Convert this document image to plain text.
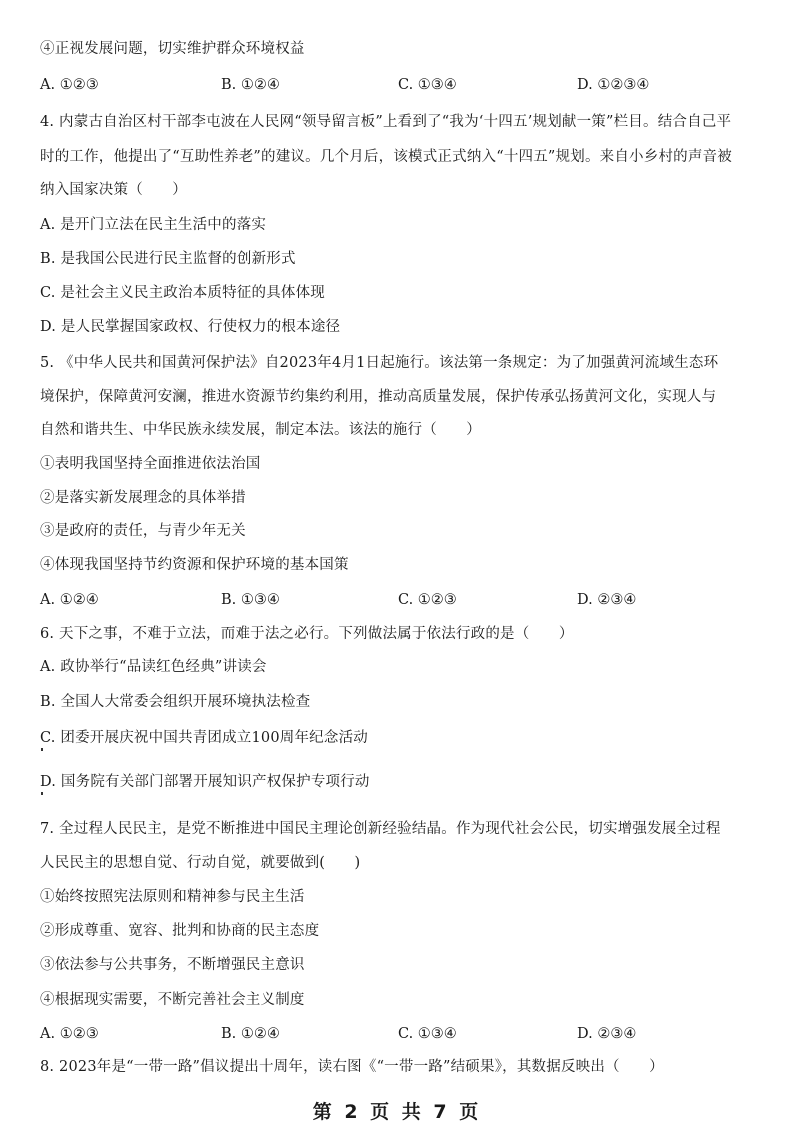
④正视发展问题，切实维护群众环境权益
A. ①②③	B. ①②④	C. ①③④	D. ①②③④
4. 内蒙古自治区村干部李屯波在人民网“领导留言板”上看到了“我为‘十四五’规划献一策”栏目。结合自己平
时的工作，他提出了“互助性养老”的建议。几个月后，该模式正式纳入“十四五”规划。来自小乡村的声音被
纳入国家决策（　　）
A. 是开门立法在民主生活中的落实
B. 是我国公民进行民主监督的创新形式
C. 是社会主义民主政治本质特征的具体体现
D. 是人民掌握国家政权、行使权力的根本途径
5. 《中华人民共和国黄河保护法》自2023年4月1日起施行。该法第一条规定：为了加强黄河流域生态环
境保护，保障黄河安澜，推进水资源节约集约利用，推动高质量发展，保护传承弘扬黄河文化，实现人与
自然和谐共生、中华民族永续发展，制定本法。该法的施行（　　）
①表明我国坚持全面推进依法治国
②是落实新发展理念的具体举措
③是政府的责任，与青少年无关
④体现我国坚持节约资源和保护环境的基本国策
A. ①②④	B. ①③④	C. ①②③	D. ②③④
6. 天下之事，不难于立法，而难于法之必行。下列做法属于依法行政的是（　　）
A. 政协举行“品读红色经典”讲读会
B. 全国人大常委会组织开展环境执法检查
C. 团委开展庆祝中国共青团成立100周年纪念活动
D. 国务院有关部门部署开展知识产权保护专项行动
7. 全过程人民民主，是党不断推进中国民主理论创新经验结晶。作为现代社会公民，切实增强发展全过程
人民民主的思想自觉、行动自觉，就要做到(　　)
①始终按照宪法原则和精神参与民主生活
②形成尊重、宽容、批判和协商的民主态度
③依法参与公共事务，不断增强民主意识
④根据现实需要，不断完善社会主义制度
A. ①②③	B. ①②④	C. ①③④	D. ②③④
8. 2023年是“一带一路”倡议提出十周年，读右图《“一带一路”结硕果》，其数据反映出（　　）
第 2 页 共 7 页
